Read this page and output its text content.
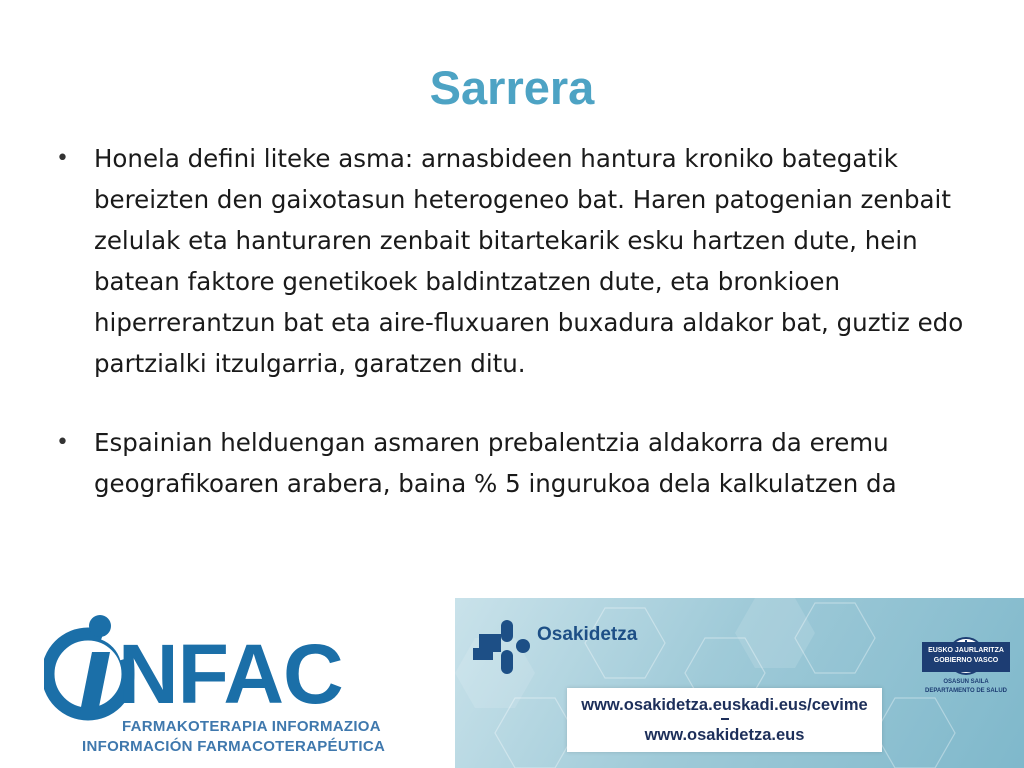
Sarrera
• Honela defini liteke asma: arnasbideen hantura kroniko bategatik bereizten den gaixotasun heterogeneo bat. Haren patogenian zenbait zelulak eta hanturaren zenbait bitartekarik esku hartzen dute, hein batean faktore genetikoek baldintzatzen dute, eta bronkioen hiperrerantzun bat eta aire-fluxuaren buxadura aldakor bat, guztiz edo partzialki itzulgarria, garatzen ditu.
• Espainian helduengan asmaren prebalentzia aldakorra da eremu geografikoaren arabera, baina % 5 ingurukoa dela kalkulatzen da
NFAC
FARMAKOTERAPIA INFORMAZIOA
INFORMACIÓN FARMACOTERAPÉUTICA
Osakidetza
EUSKO JAURLARITZA
GOBIERNO VASCO
OSASUN SAILA
DEPARTAMENTO DE SALUD
www.osakidetza.euskadi.eus/cevime
www.osakidetza.eus
